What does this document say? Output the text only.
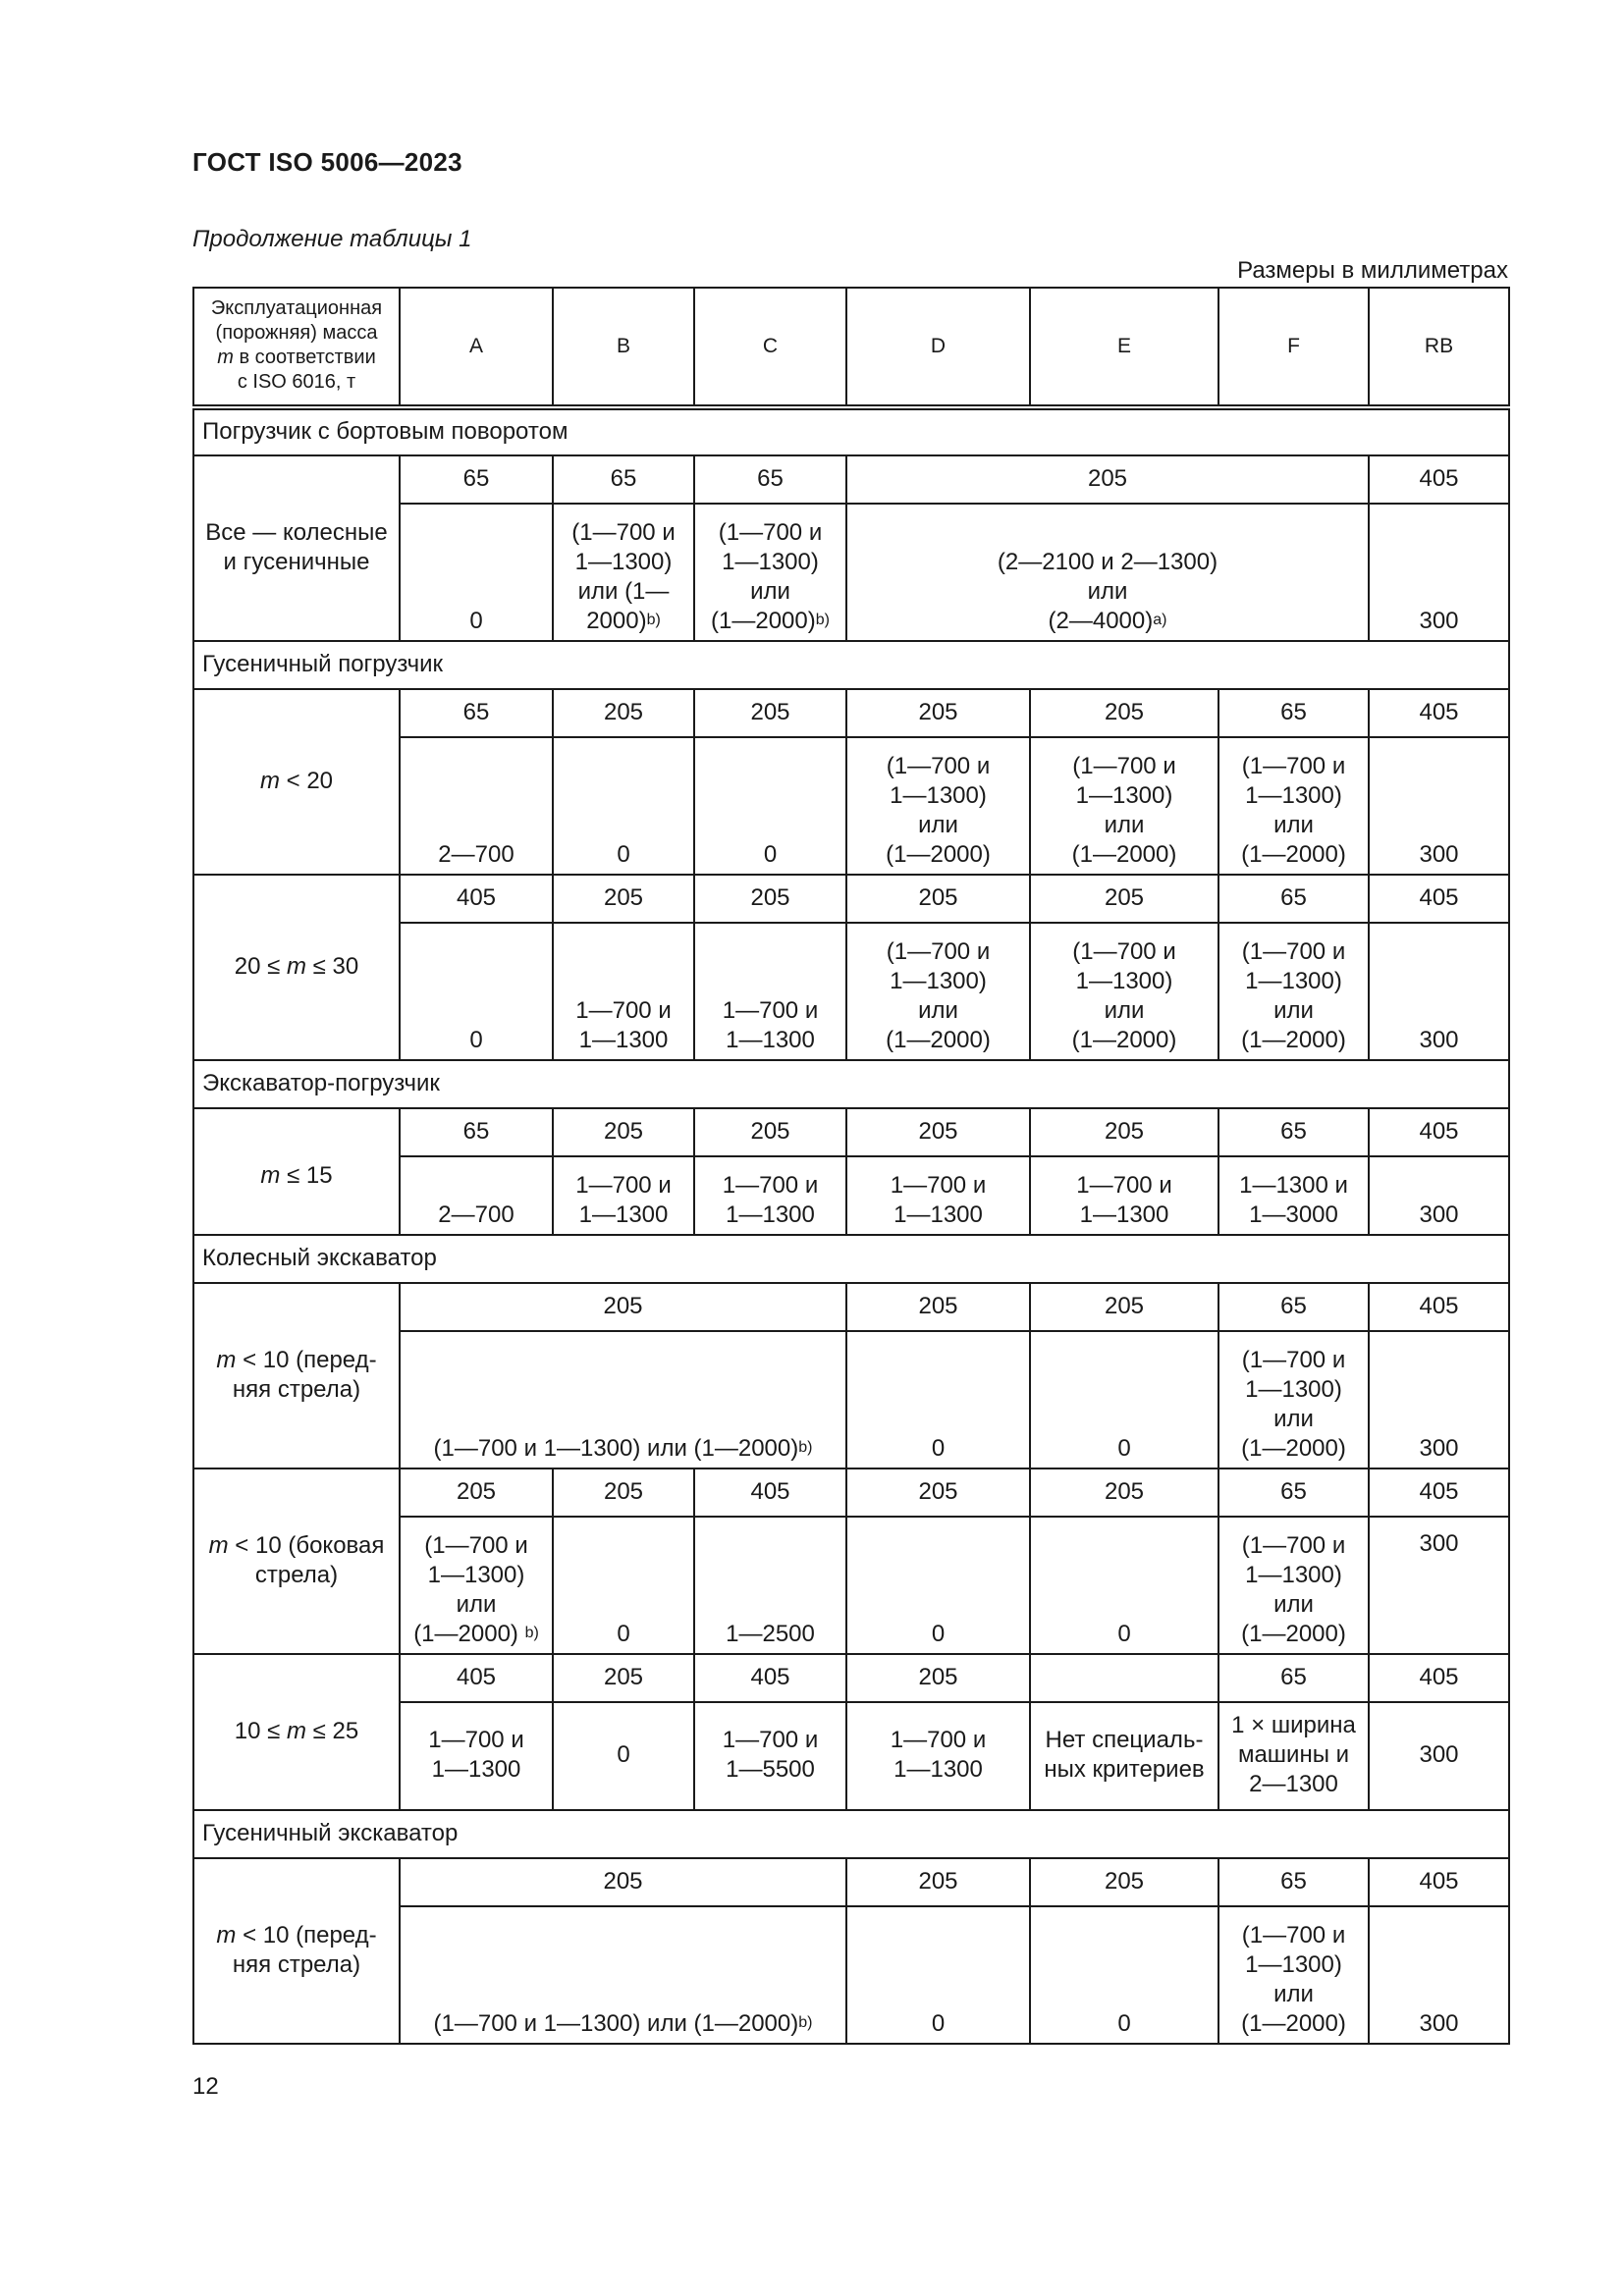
ГОСТ ISO 5006—2023
Продолжение таблицы 1
Размеры в миллиметрах
Эксплуатационная
(порожняя) масса
m в соответствии
с ISO 6016, т	A	B	C	D	E	F	RB
Погрузчик с бортовым поворотом							
Все — колесные
и гусеничные	65	65	65	205			405
	0	(1—700 и
1—1300)
или (1—
2000)$^{b)}$	(1—700 и
1—1300)
или
(1—2000)$^{b)}$	(2—2100 и 2—1300)
или
(2—4000)$^{a)}$			300
Гусеничный погрузчик							
m < 20	65	205	205	205	205	65	405
	2—700	0	0	(1—700 и
1—1300)
или
(1—2000)	(1—700 и
1—1300)
или
(1—2000)	(1—700 и
1—1300)
или
(1—2000)	300
20 ≤ m ≤ 30	405	205	205	205	205	65	405
	0	1—700 и
1—1300	1—700 и
1—1300	(1—700 и
1—1300)
или
(1—2000)	(1—700 и
1—1300)
или
(1—2000)	(1—700 и
1—1300)
или
(1—2000)	300
Экскаватор-погрузчик							
m ≤ 15	65	205	205	205	205	65	405
	2—700	1—700 и
1—1300	1—700 и
1—1300	1—700 и
1—1300	1—700 и
1—1300	1—1300 и
1—3000	300
Колесный экскаватор							
m < 10 (перед-
няя стрела)	205			205	205	65	405
	(1—700 и 1—1300) или (1—2000)$^{b)}$			0	0	(1—700 и
1—1300)
или
(1—2000)	300
m < 10 (боковая
стрела)	205	205	405	205	205	65	405
	(1—700 и
1—1300)
или
(1—2000) $^{b)}$	0	1—2500	0	0	(1—700 и
1—1300)
или
(1—2000)	300
10 ≤ m ≤ 25	405	205	405	205		65	405
	1—700 и
1—1300	0	1—700 и
1—5500	1—700 и
1—1300	Нет специаль-
ных критериев	1 × ширина
машины и
2—1300	300
Гусеничный экскаватор							
m < 10 (перед-
няя стрела)	205			205	205	65	405
	(1—700 и 1—1300) или (1—2000)$^{b)}$			0	0	(1—700 и
1—1300)
или
(1—2000)	300
12
